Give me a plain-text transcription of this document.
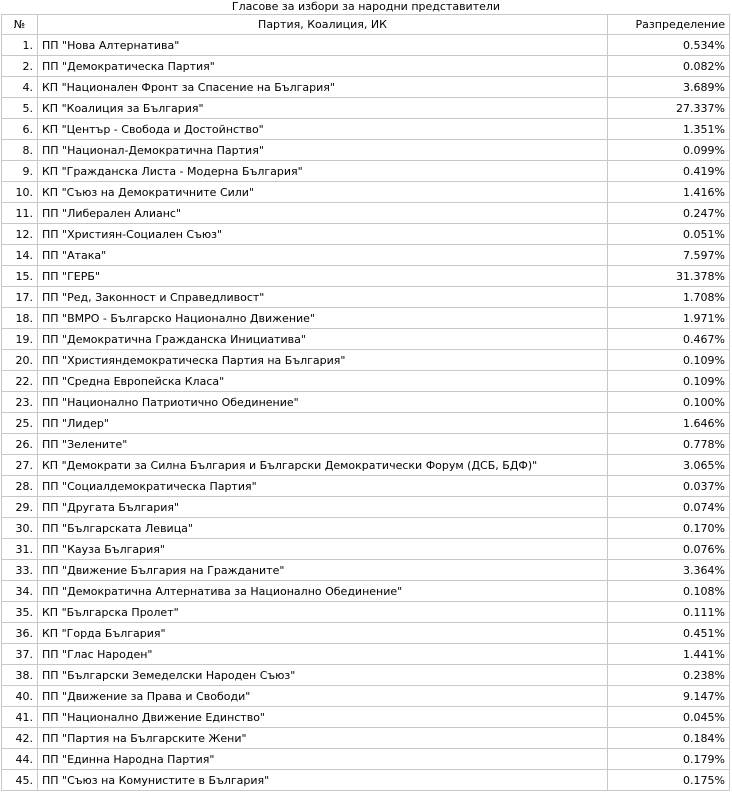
Гласове за избори за народни представители
№	Партия, Коалиция, ИК	Разпределение
1.	ПП "Нова Алтернатива"	0.534%
2.	ПП "Демократическа Партия"	0.082%
4.	КП "Национален Фронт за Спасение на България"	3.689%
5.	КП "Коалиция за България"	27.337%
6.	КП "Център - Свобода и Достойнство"	1.351%
8.	ПП "Национал-Демократична Партия"	0.099%
9.	КП "Гражданска Листа - Модерна България"	0.419%
10.	КП "Съюз на Демократичните Сили"	1.416%
11.	ПП "Либерален Алианс"	0.247%
12.	ПП "Християн-Социален Съюз"	0.051%
14.	ПП "Атака"	7.597%
15.	ПП "ГЕРБ"	31.378%
17.	ПП "Ред, Законност и Справедливост"	1.708%
18.	ПП "ВМРО - Българско Национално Движение"	1.971%
19.	ПП "Демократична Гражданска Инициатива"	0.467%
20.	ПП "Християндемократическа Партия на България"	0.109%
22.	ПП "Средна Европейска Класа"	0.109%
23.	ПП "Национално Патриотично Обединение"	0.100%
25.	ПП "Лидер"	1.646%
26.	ПП "Зелените"	0.778%
27.	КП "Демократи за Силна България и Български Демократически Форум (ДСБ, БДФ)"	3.065%
28.	ПП "Социалдемократическа Партия"	0.037%
29.	ПП "Другата България"	0.074%
30.	ПП "Българската Левица"	0.170%
31.	ПП "Кауза България"	0.076%
33.	ПП "Движение България на Гражданите"	3.364%
34.	ПП "Демократична Алтернатива за Национално Обединение"	0.108%
35.	КП "Българска Пролет"	0.111%
36.	КП "Горда България"	0.451%
37.	ПП "Глас Народен"	1.441%
38.	ПП "Български Земеделски Народен Съюз"	0.238%
40.	ПП "Движение за Права и Свободи"	9.147%
41.	ПП "Национално Движение Единство"	0.045%
42.	ПП "Партия на Българските Жени"	0.184%
44.	ПП "Единна Народна Партия"	0.179%
45.	ПП "Съюз на Комунистите в България"	0.175%
